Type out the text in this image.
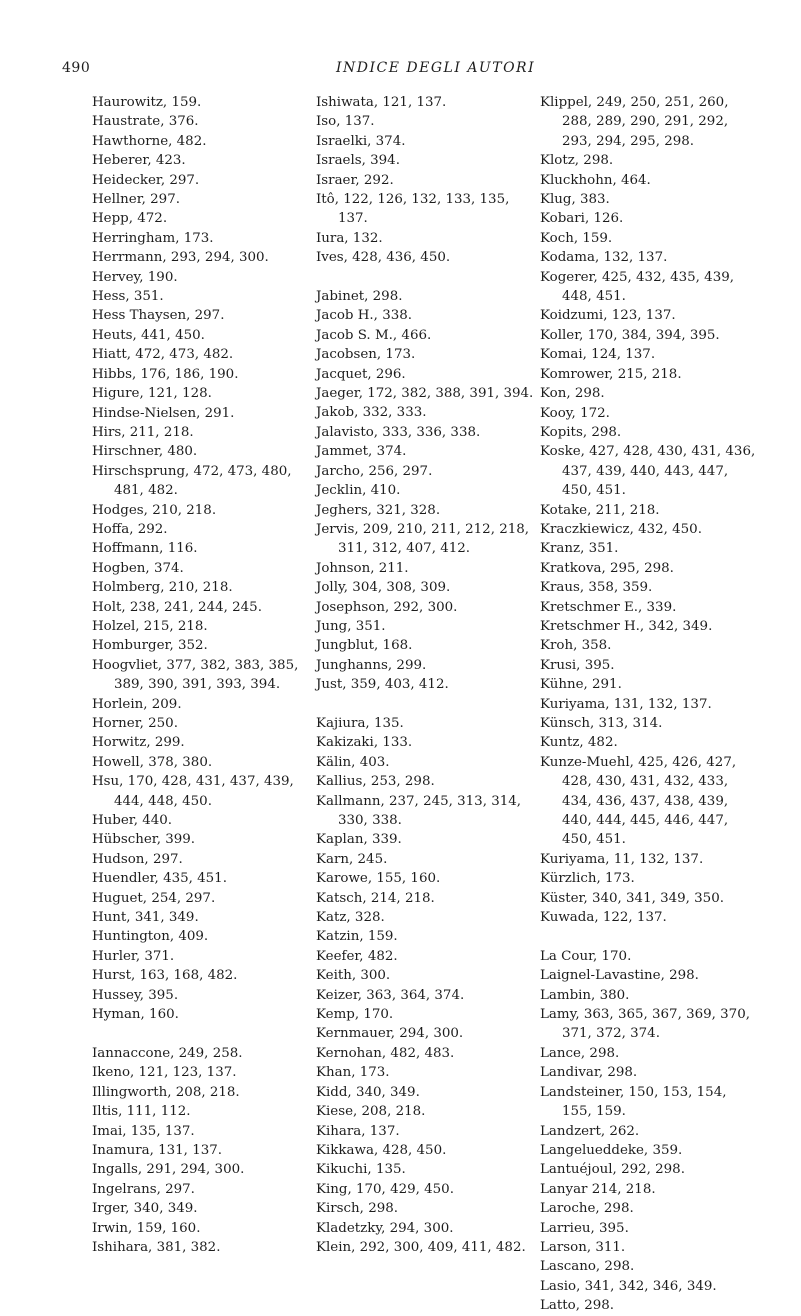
490	INDICE DEGLI AUTORI
Haurowitz, 159.
Haustrate, 376.
Hawthorne, 482.
Heberer, 423.
Heidecker, 297.
Hellner, 297.
Hepp, 472.
Herringham, 173.
Herrmann, 293, 294, 300.
Hervey, 190.
Hess, 351.
Hess Thaysen, 297.
Heuts, 441, 450.
Hiatt, 472, 473, 482.
Hibbs, 176, 186, 190.
Higure, 121, 128.
Hindse-Nielsen, 291.
Hirs, 211, 218.
Hirschner, 480.
Hirschsprung, 472, 473, 480, 481, 482.
Hodges, 210, 218.
Hoffa, 292.
Hoffmann, 116.
Hogben, 374.
Holmberg, 210, 218.
Holt, 238, 241, 244, 245.
Holzel, 215, 218.
Homburger, 352.
Hoogvliet, 377, 382, 383, 385, 389, 390, 391, 393, 394.
Horlein, 209.
Horner, 250.
Horwitz, 299.
Howell, 378, 380.
Hsu, 170, 428, 431, 437, 439, 444, 448, 450.
Huber, 440.
Hübscher, 399.
Hudson, 297.
Huendler, 435, 451.
Huguet, 254, 297.
Hunt, 341, 349.
Huntington, 409.
Hurler, 371.
Hurst, 163, 168, 482.
Hussey, 395.
Hyman, 160.
Iannaccone, 249, 258.
Ikeno, 121, 123, 137.
Illingworth, 208, 218.
Iltis, 111, 112.
Imai, 135, 137.
Inamura, 131, 137.
Ingalls, 291, 294, 300.
Ingelrans, 297.
Irger, 340, 349.
Irwin, 159, 160.
Ishihara, 381, 382.
Ishiwata, 121, 137.
Iso, 137.
Israelki, 374.
Israels, 394.
Israer, 292.
Itô, 122, 126, 132, 133, 135, 137.
Iura, 132.
Ives, 428, 436, 450.
Jabinet, 298.
Jacob H., 338.
Jacob S. M., 466.
Jacobsen, 173.
Jacquet, 296.
Jaeger, 172, 382, 388, 391, 394.
Jakob, 332, 333.
Jalavisto, 333, 336, 338.
Jammet, 374.
Jarcho, 256, 297.
Jecklin, 410.
Jeghers, 321, 328.
Jervis, 209, 210, 211, 212, 218, 311, 312, 407, 412.
Johnson, 211.
Jolly, 304, 308, 309.
Josephson, 292, 300.
Jung, 351.
Jungblut, 168.
Junghanns, 299.
Just, 359, 403, 412.
Kajiura, 135.
Kakizaki, 133.
Kälin, 403.
Kallius, 253, 298.
Kallmann, 237, 245, 313, 314, 330, 338.
Kaplan, 339.
Karn, 245.
Karowe, 155, 160.
Katsch, 214, 218.
Katz, 328.
Katzin, 159.
Keefer, 482.
Keith, 300.
Keizer, 363, 364, 374.
Kemp, 170.
Kernmauer, 294, 300.
Kernohan, 482, 483.
Khan, 173.
Kidd, 340, 349.
Kiese, 208, 218.
Kihara, 137.
Kikkawa, 428, 450.
Kikuchi, 135.
King, 170, 429, 450.
Kirsch, 298.
Kladetzky, 294, 300.
Klein, 292, 300, 409, 411, 482.
Klippel, 249, 250, 251, 260, 288, 289, 290, 291, 292, 293, 294, 295, 298.
Klotz, 298.
Kluckhohn, 464.
Klug, 383.
Kobari, 126.
Koch, 159.
Kodama, 132, 137.
Kogerer, 425, 432, 435, 439, 448, 451.
Koidzumi, 123, 137.
Koller, 170, 384, 394, 395.
Komai, 124, 137.
Komrower, 215, 218.
Kon, 298.
Kooy, 172.
Kopits, 298.
Koske, 427, 428, 430, 431, 436, 437, 439, 440, 443, 447, 450, 451.
Kotake, 211, 218.
Kraczkiewicz, 432, 450.
Kranz, 351.
Kratkova, 295, 298.
Kraus, 358, 359.
Kretschmer E., 339.
Kretschmer H., 342, 349.
Kroh, 358.
Krusi, 395.
Kühne, 291.
Kuriyama, 131, 132, 137.
Künsch, 313, 314.
Kuntz, 482.
Kunze-Muehl, 425, 426, 427, 428, 430, 431, 432, 433, 434, 436, 437, 438, 439, 440, 444, 445, 446, 447, 450, 451.
Kuriyama, 11, 132, 137.
Kürzlich, 173.
Küster, 340, 341, 349, 350.
Kuwada, 122, 137.
La Cour, 170.
Laignel-Lavastine, 298.
Lambin, 380.
Lamy, 363, 365, 367, 369, 370, 371, 372, 374.
Lance, 298.
Landivar, 298.
Landsteiner, 150, 153, 154, 155, 159.
Landzert, 262.
Langelueddeke, 359.
Lantuéjoul, 292, 298.
Lanyar 214, 218.
Laroche, 298.
Larrieu, 395.
Larson, 311.
Lascano, 298.
Lasio, 341, 342, 346, 349.
Latto, 298.
